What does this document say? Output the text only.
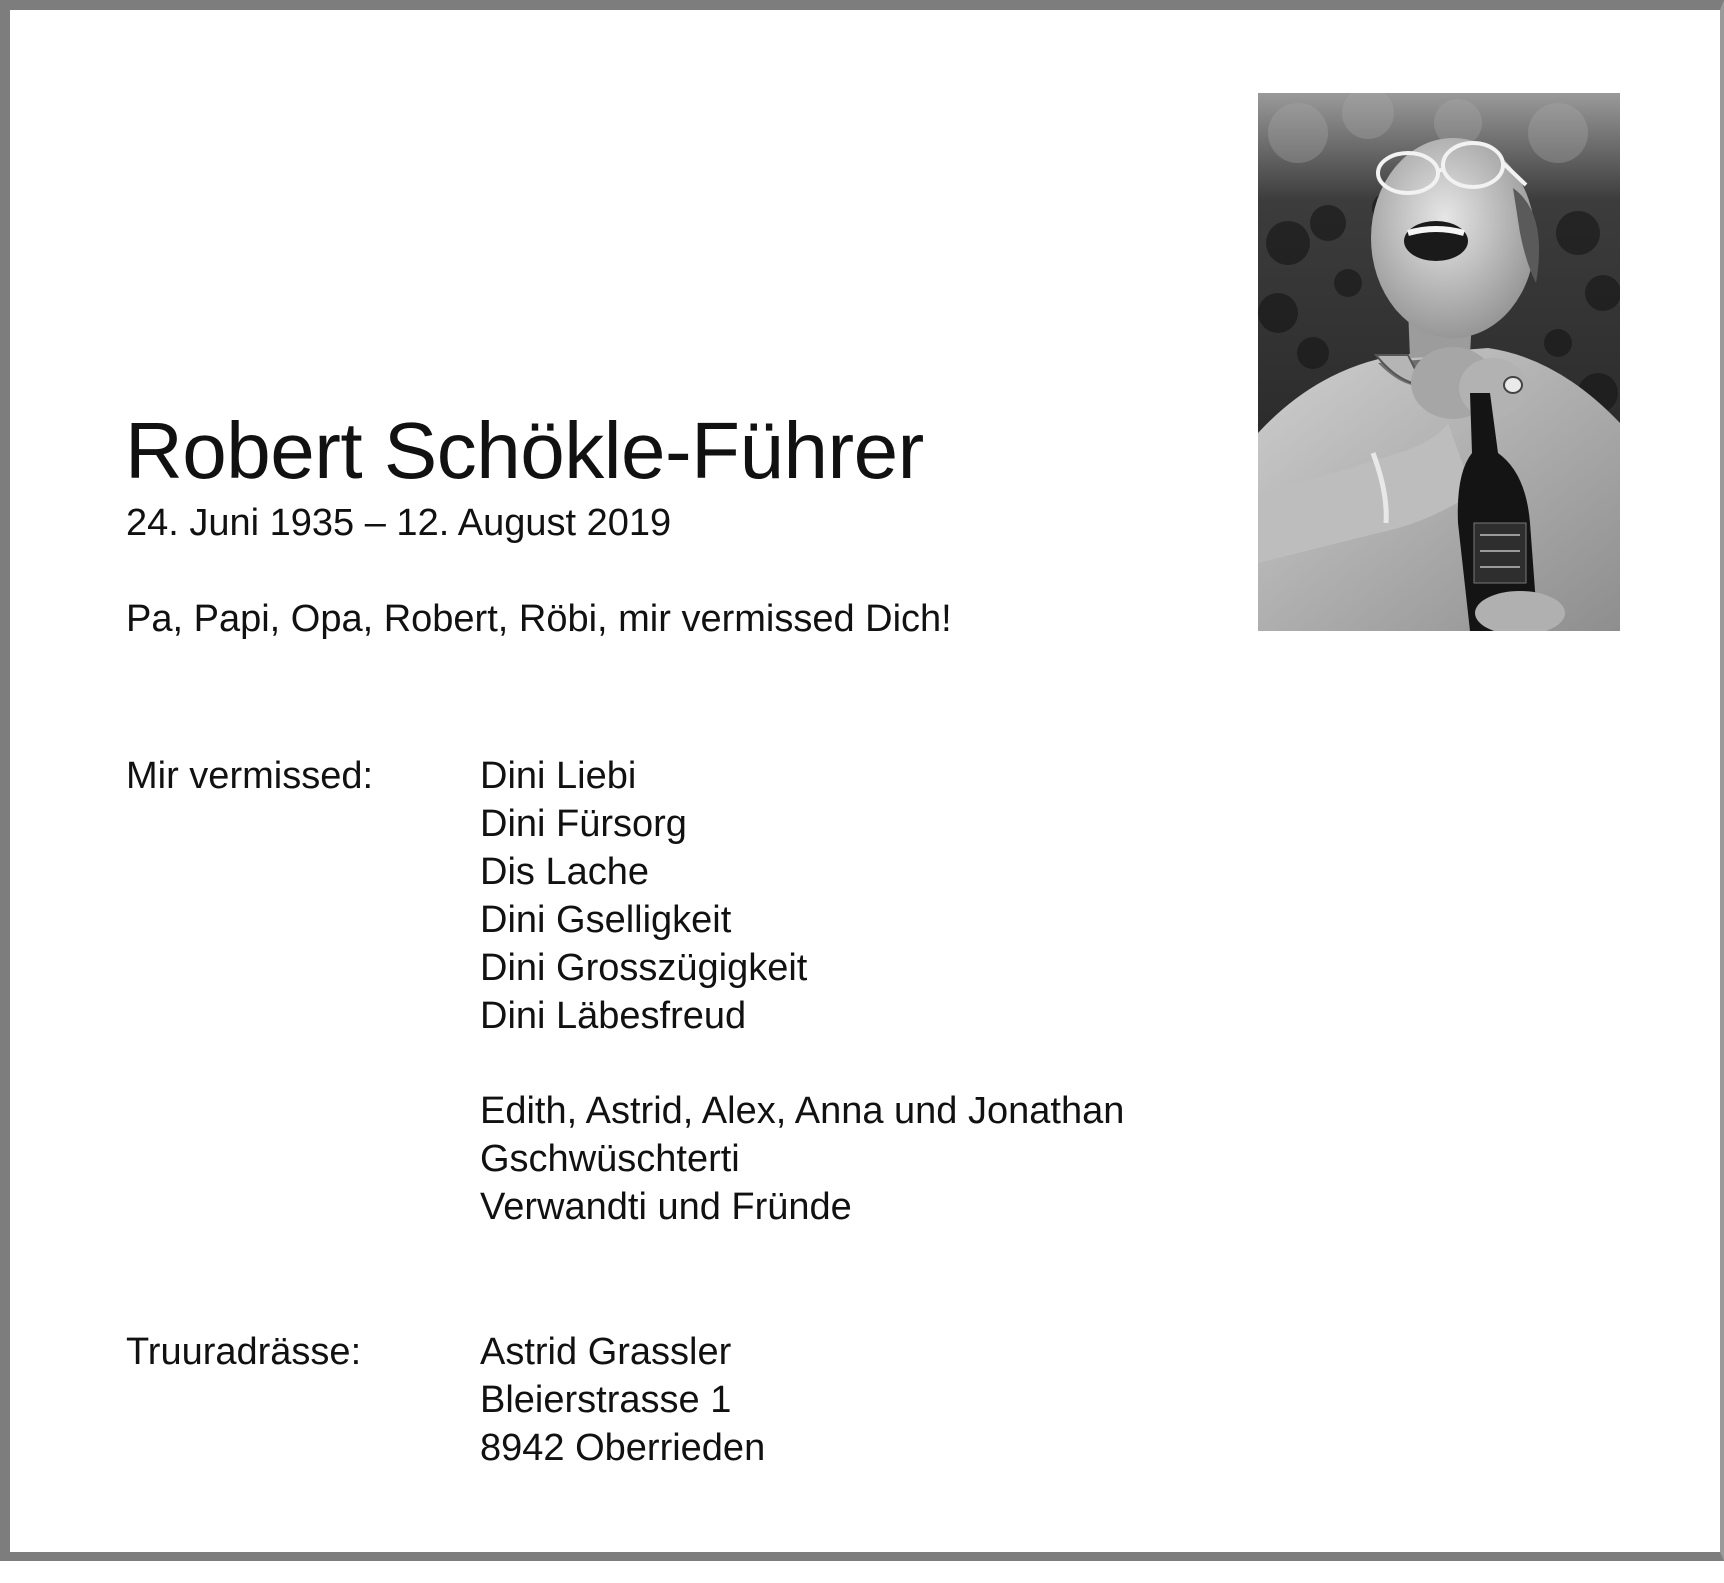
Robert Schökle-Führer
24. Juni 1935 – 12. August 2019
Pa, Papi, Opa, Robert, Röbi, mir vermissed Dich!
Mir vermissed:	Dini Liebi
Dini Fürsorg
Dis Lache
Dini Gselligkeit
Dini Grosszügigkeit
Dini Läbesfreud
Edith, Astrid, Alex, Anna und Jonathan
Gschwüschterti
Verwandti und Fründe
Truuradrässe:	Astrid Grassler
Bleierstrasse 1
8942 Oberrieden
